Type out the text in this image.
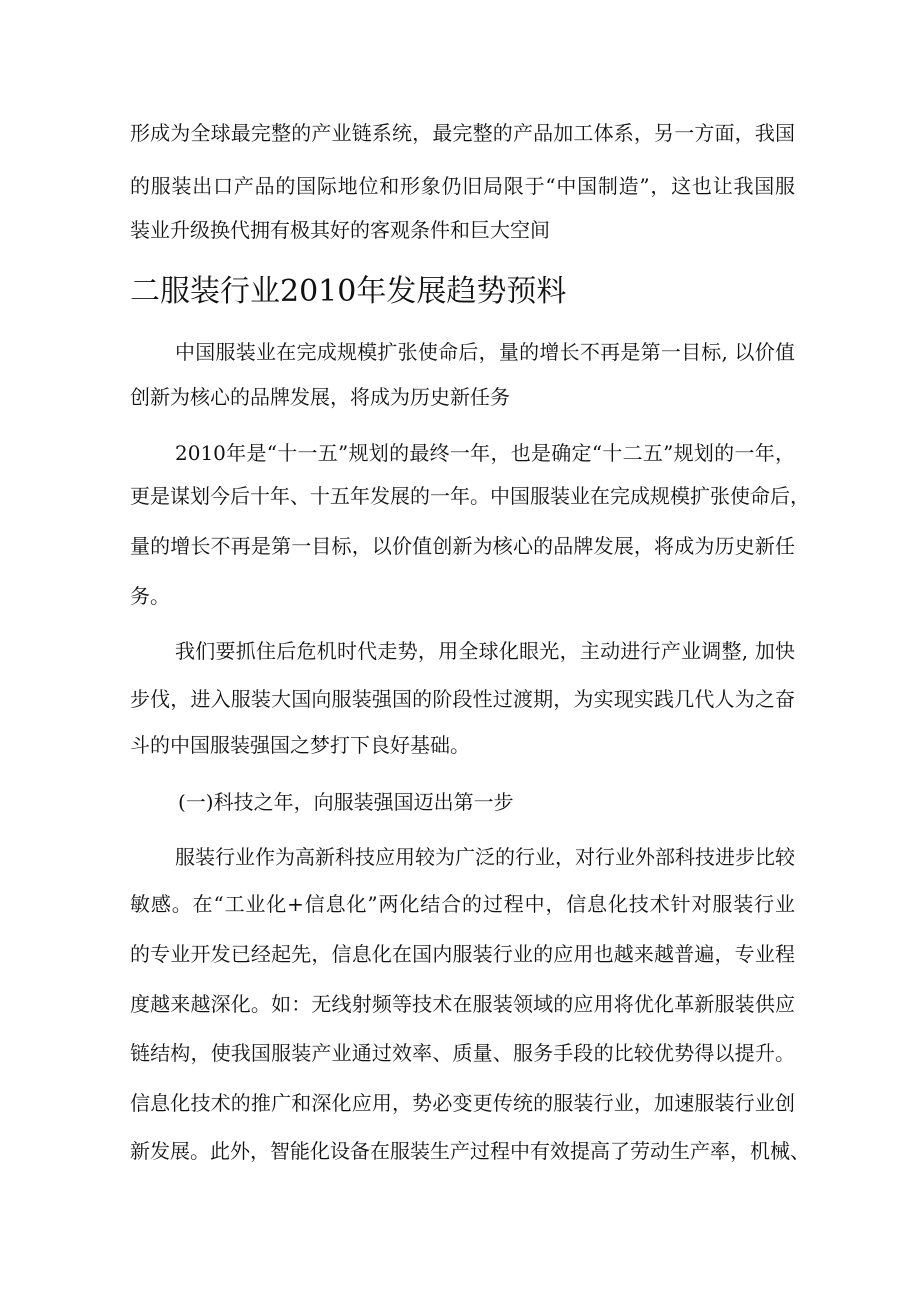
形成为全球最完整的产业链系统，最完整的产品加工体系，另一方面，我国
的服装出口产品的国际地位和形象仍旧局限于“中国制造”，这也让我国服
装业升级换代拥有极其好的客观条件和巨大空间
二服装行业2010年发展趋势预料
中国服装业在完成规模扩张使命后，量的增长不再是第一目标, 以价值
创新为核心的品牌发展，将成为历史新任务
2010年是“十一五”规划的最终一年，也是确定“十二五”规划的一年，
更是谋划今后十年、十五年发展的一年。中国服装业在完成规模扩张使命后，
量的增长不再是第一目标，以价值创新为核心的品牌发展，将成为历史新任
务。
我们要抓住后危机时代走势，用全球化眼光，主动进行产业调整, 加快
步伐，进入服装大国向服装强国的阶段性过渡期，为实现实践几代人为之奋
斗的中国服装强国之梦打下良好基础。
(一)科技之年，向服装强国迈出第一步
服装行业作为高新科技应用较为广泛的行业，对行业外部科技进步比较
敏感。在“工业化+信息化”两化结合的过程中，信息化技术针对服装行业
的专业开发已经起先，信息化在国内服装行业的应用也越来越普遍，专业程
度越来越深化。如：无线射频等技术在服装领域的应用将优化革新服装供应
链结构，使我国服装产业通过效率、质量、服务手段的比较优势得以提升。
信息化技术的推广和深化应用，势必变更传统的服装行业，加速服装行业创
新发展。此外，智能化设备在服装生产过程中有效提高了劳动生产率，机械、
